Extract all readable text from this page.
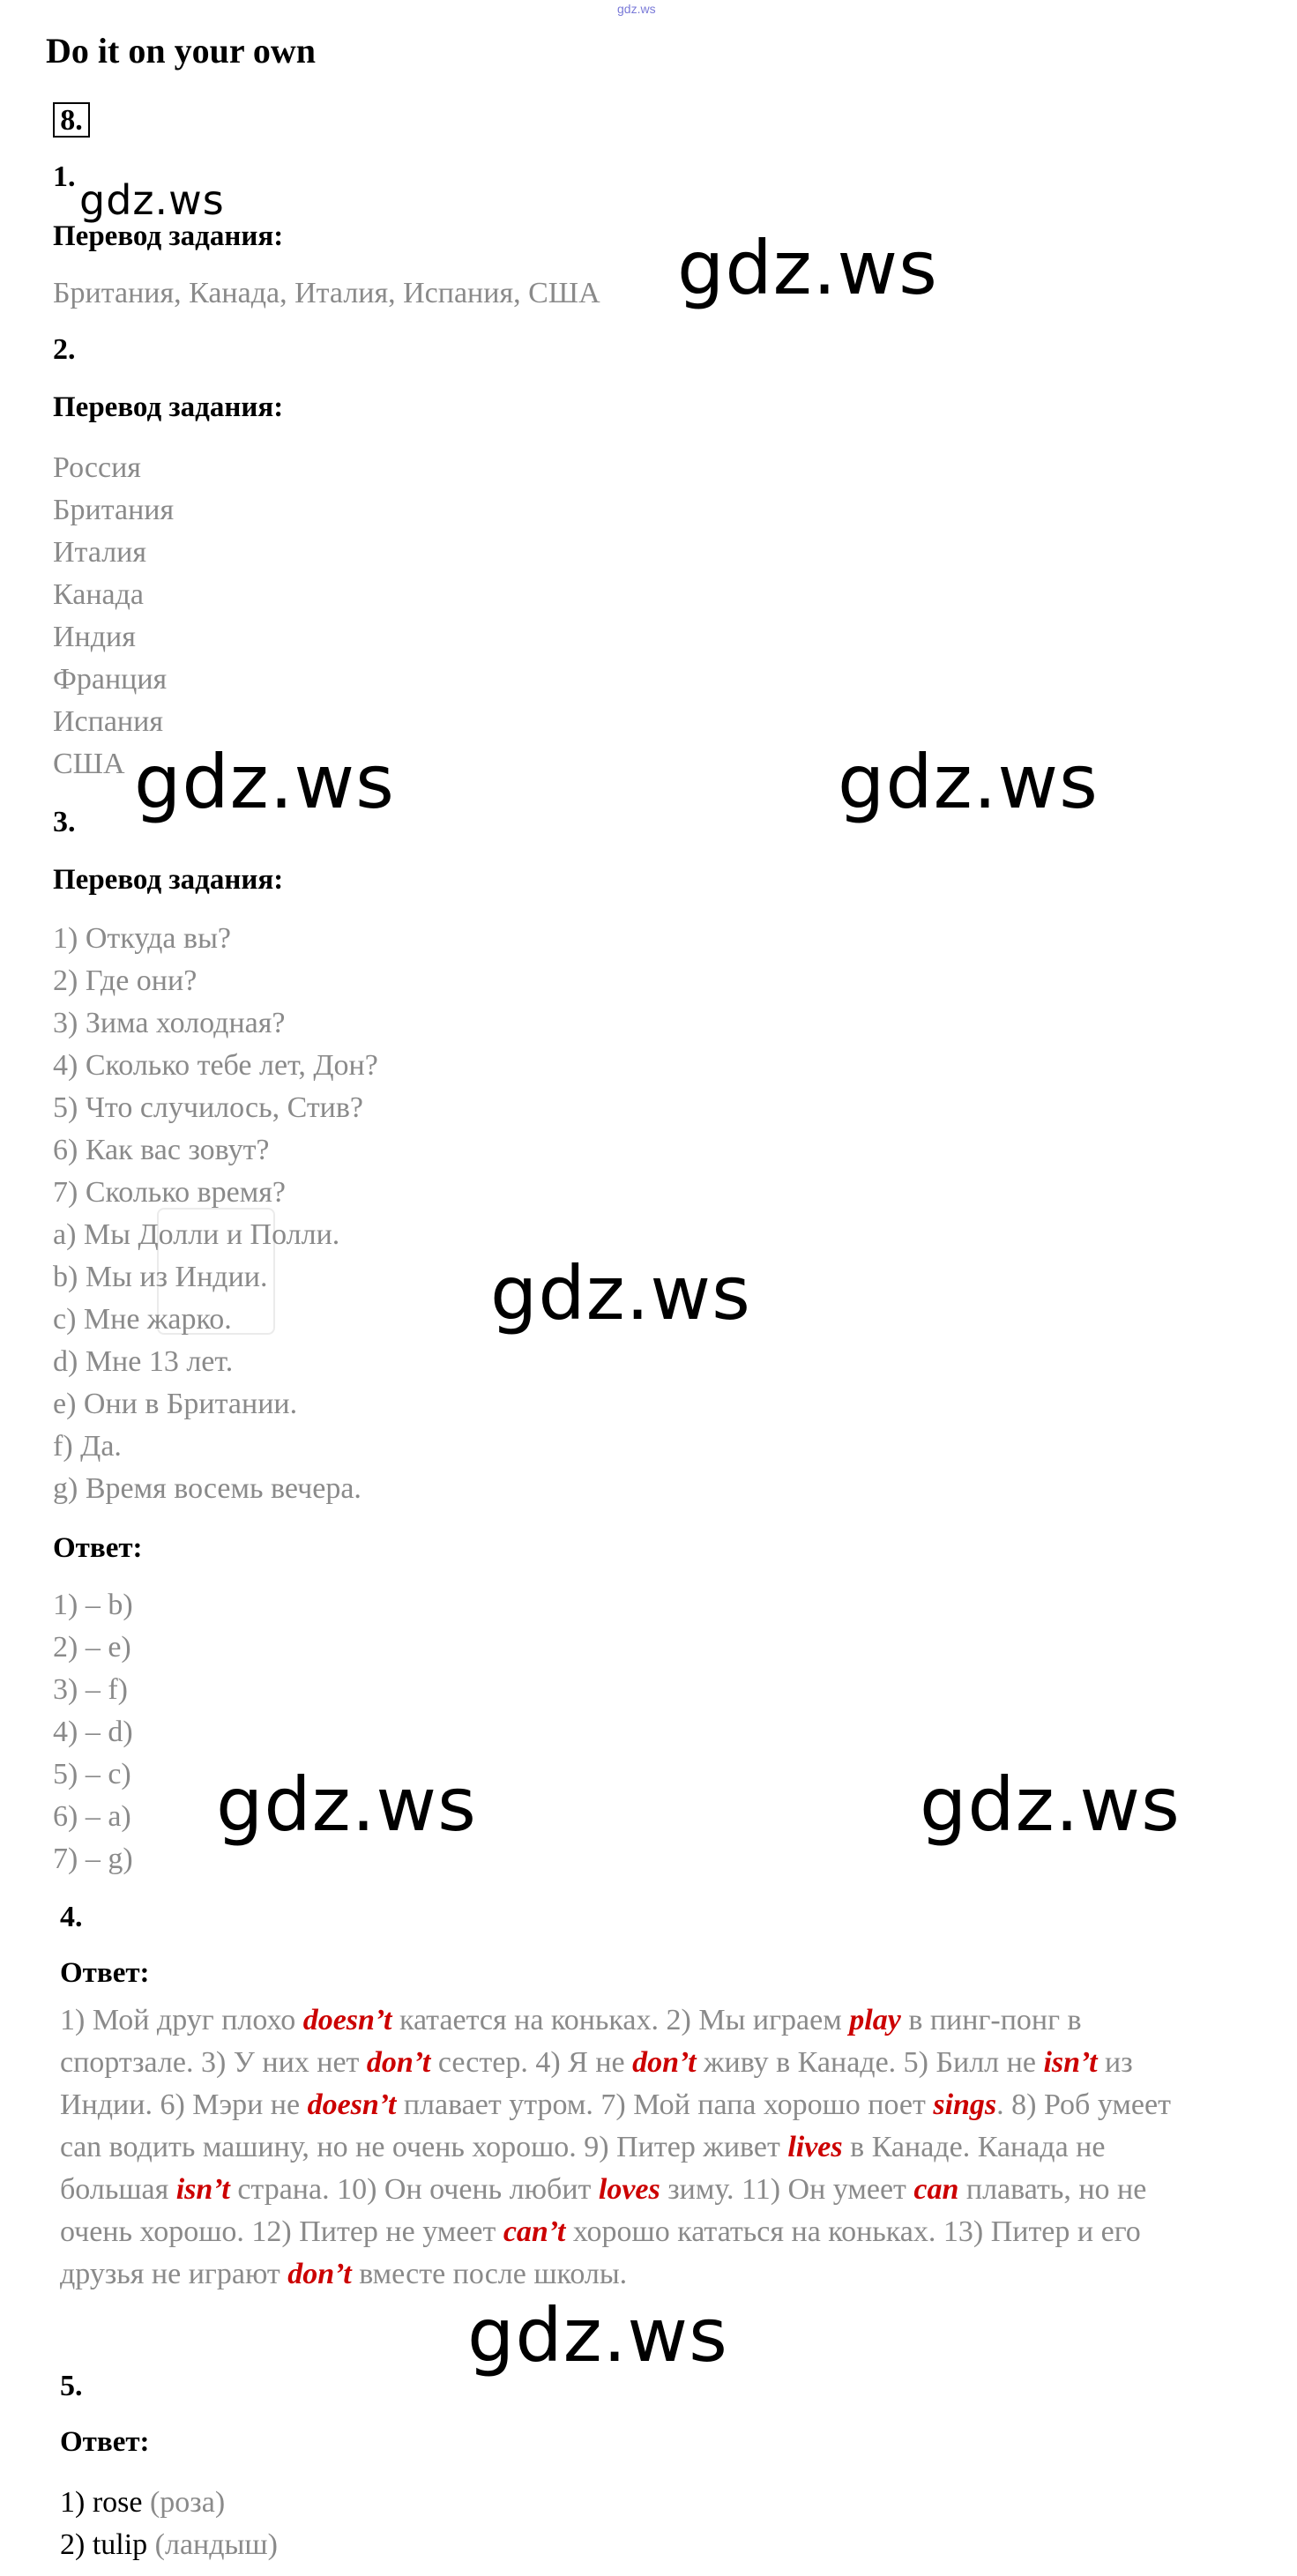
gdz.ws
Do it on your own
8.
1.
Перевод задания:
Британия, Канада, Италия, Испания, США
2.
Перевод задания:
Россия
Британия
Италия
Канада
Индия
Франция
Испания
США
3.
Перевод задания:
1) Откуда вы?
2) Где они?
3) Зима холодная?
4) Сколько тебе лет, Дон?
5) Что случилось, Стив?
6) Как вас зовут?
7) Сколько время?
a) Мы Долли и Полли.
b) Мы из Индии.
c) Мне жарко.
d) Мне 13 лет.
e) Они в Британии.
f) Да.
g) Время восемь вечера.
Ответ:
1) – b)
2) – e)
3) – f)
4) – d)
5) – c)
6) – a)
7) – g)
4.
Ответ:
1) Мой друг плохо doesn’t катается на коньках. 2) Мы играем play в пинг-понг в спортзале. 3) У них нет don’t сестер. 4) Я не don’t живу в Канаде. 5) Билл не isn’t из Индии. 6) Мэри не doesn’t плавает утром. 7) Мой папа хорошо поет sings. 8) Роб умеет can водить машину, но не очень хорошо. 9) Питер живет lives в Канаде. Канада не большая isn’t страна. 10) Он очень любит loves зиму. 11) Он умеет can плавать, но не очень хорошо. 12) Питер не умеет can’t хорошо кататься на коньках. 13) Питер и его друзья не играют don’t вместе после школы.
5.
Ответ:
1) rose (роза)
2) tulip (ландыш)
gdz.ws
gdz.ws
gdz.ws	gdz.ws
gdz.ws
gdz.ws	gdz.ws
gdz.ws
